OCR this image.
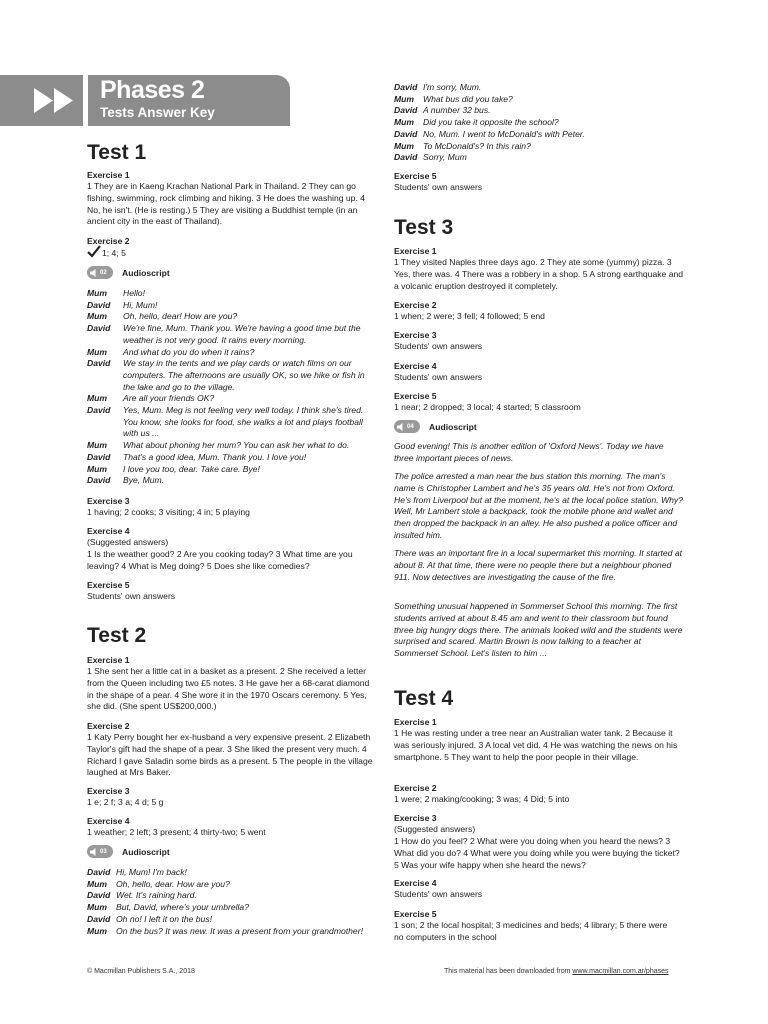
Phases 2
Tests Answer Key
Test 1
Exercise 1
1 They are in Kaeng Krachan National Park in Thailand. 2 They can go fishing, swimming, rock climbing and hiking. 3 He does the washing up. 4 No, he isn't. (He is resting.) 5 They are visiting a Buddhist temple (in an ancient city in the east of Thailand).
Exercise 2
1; 4; 5
02 Audioscript
Mum	Hello!
David	Hi, Mum!
Mum	Oh, hello, dear! How are you?
David	We're fine, Mum. Thank you. We're having a good time but the weather is not very good. It rains every morning.
Mum	And what do you do when it rains?
David	We stay in the tents and we play cards or watch films on our computers. The afternoons are usually OK, so we hike or fish in the lake and go to the village.
Mum	Are all your friends OK?
David	Yes, Mum. Meg is not feeling very well today. I think she's tired. You know, she looks for food, she walks a lot and plays football with us ...
Mum	What about phoning her mum? You can ask her what to do.
David	That's a good idea, Mum. Thank you. I love you!
Mum	I love you too, dear. Take care. Bye!
David	Bye, Mum.
Exercise 3
1 having; 2 cooks; 3 visiting; 4 in; 5 playing
Exercise 4
(Suggested answers)
1 Is the weather good? 2 Are you cooking today? 3 What time are you leaving? 4 What is Meg doing? 5 Does she like comedies?
Exercise 5
Students' own answers
Test 2
Exercise 1
1 She sent her a little cat in a basket as a present. 2 She received a letter from the Queen including two £5 notes. 3 He gave her a 68-carat diamond in the shape of a pear. 4 She wore it in the 1970 Oscars ceremony. 5 Yes, she did. (She spent US$200,000.)
Exercise 2
1 Katy Perry bought her ex-husband a very expensive present. 2 Elizabeth Taylor's gift had the shape of a pear. 3 She liked the present very much. 4 Richard I gave Saladin some birds as a present. 5 The people in the village laughed at Mrs Baker.
Exercise 3
1 e; 2 f; 3 a; 4 d; 5 g
Exercise 4
1 weather; 2 left; 3 present; 4 thirty-two; 5 went
03 Audioscript
David Hi, Mum! I'm back!
Mum	Oh, hello, dear. How are you?
David Wet. It's raining hard.
Mum	But, David, where's your umbrella?
David Oh no! I left it on the bus!
Mum	On the bus? It was new. It was a present from your grandmother!
David I'm sorry, Mum.
Mum	What bus did you take?
David A number 32 bus.
Mum	Did you take it opposite the school?
David No, Mum. I went to McDonald's with Peter.
Mum	To McDonald's? In this rain?
David Sorry, Mum
Exercise 5
Students' own answers
Test 3
Exercise 1
1 They visited Naples three days ago. 2 They ate some (yummy) pizza. 3 Yes, there was. 4 There was a robbery in a shop. 5 A strong earthquake and a volcanic eruption destroyed it completely.
Exercise 2
1 when; 2 were; 3 fell; 4 followed; 5 end
Exercise 3
Students' own answers
Exercise 4
Students' own answers
Exercise 5
1 near; 2 dropped; 3 local; 4 started; 5 classroom
04 Audioscript
Good evening! This is another edition of 'Oxford News'. Today we have three important pieces of news.
The police arrested a man near the bus station this morning. The man's name is Christopher Lambert and he's 35 years old. He's not from Oxford. He's from Liverpool but at the moment, he's at the local police station. Why? Well, Mr Lambert stole a backpack, took the mobile phone and wallet and then dropped the backpack in an alley. He also pushed a police officer and insulted him.
There was an important fire in a local supermarket this morning. It started at about 8. At that time, there were no people there but a neighbour phoned 911. Now detectives are investigating the cause of the fire.
Something unusual happened in Sommerset School this morning. The first students arrived at about 8.45 am and went to their classroom but found three big hungry dogs there. The animals looked wild and the students were surprised and scared. Martin Brown is now talking to a teacher at Sommerset School. Let's listen to him ...
Test 4
Exercise 1
1 He was resting under a tree near an Australian water tank. 2 Because it was seriously injured. 3 A local vet did. 4 He was watching the news on his smartphone. 5 They want to help the poor people in their village.
Exercise 2
1 were; 2 making/cooking; 3 was; 4 Did; 5 into
Exercise 3
(Suggested answers)
1 How do you feel? 2 What were you doing when you heard the news? 3 What did you do? 4 What were you doing while you were buying the ticket? 5 Was your wife happy when she heard the news?
Exercise 4
Students' own answers
Exercise 5
1 son; 2 the local hospital; 3 medicines and beds; 4 library; 5 there were no computers in the school
© Macmillan Publishers S.A., 2018	This material has been downloaded from www.macmillan.com.ar/phases
